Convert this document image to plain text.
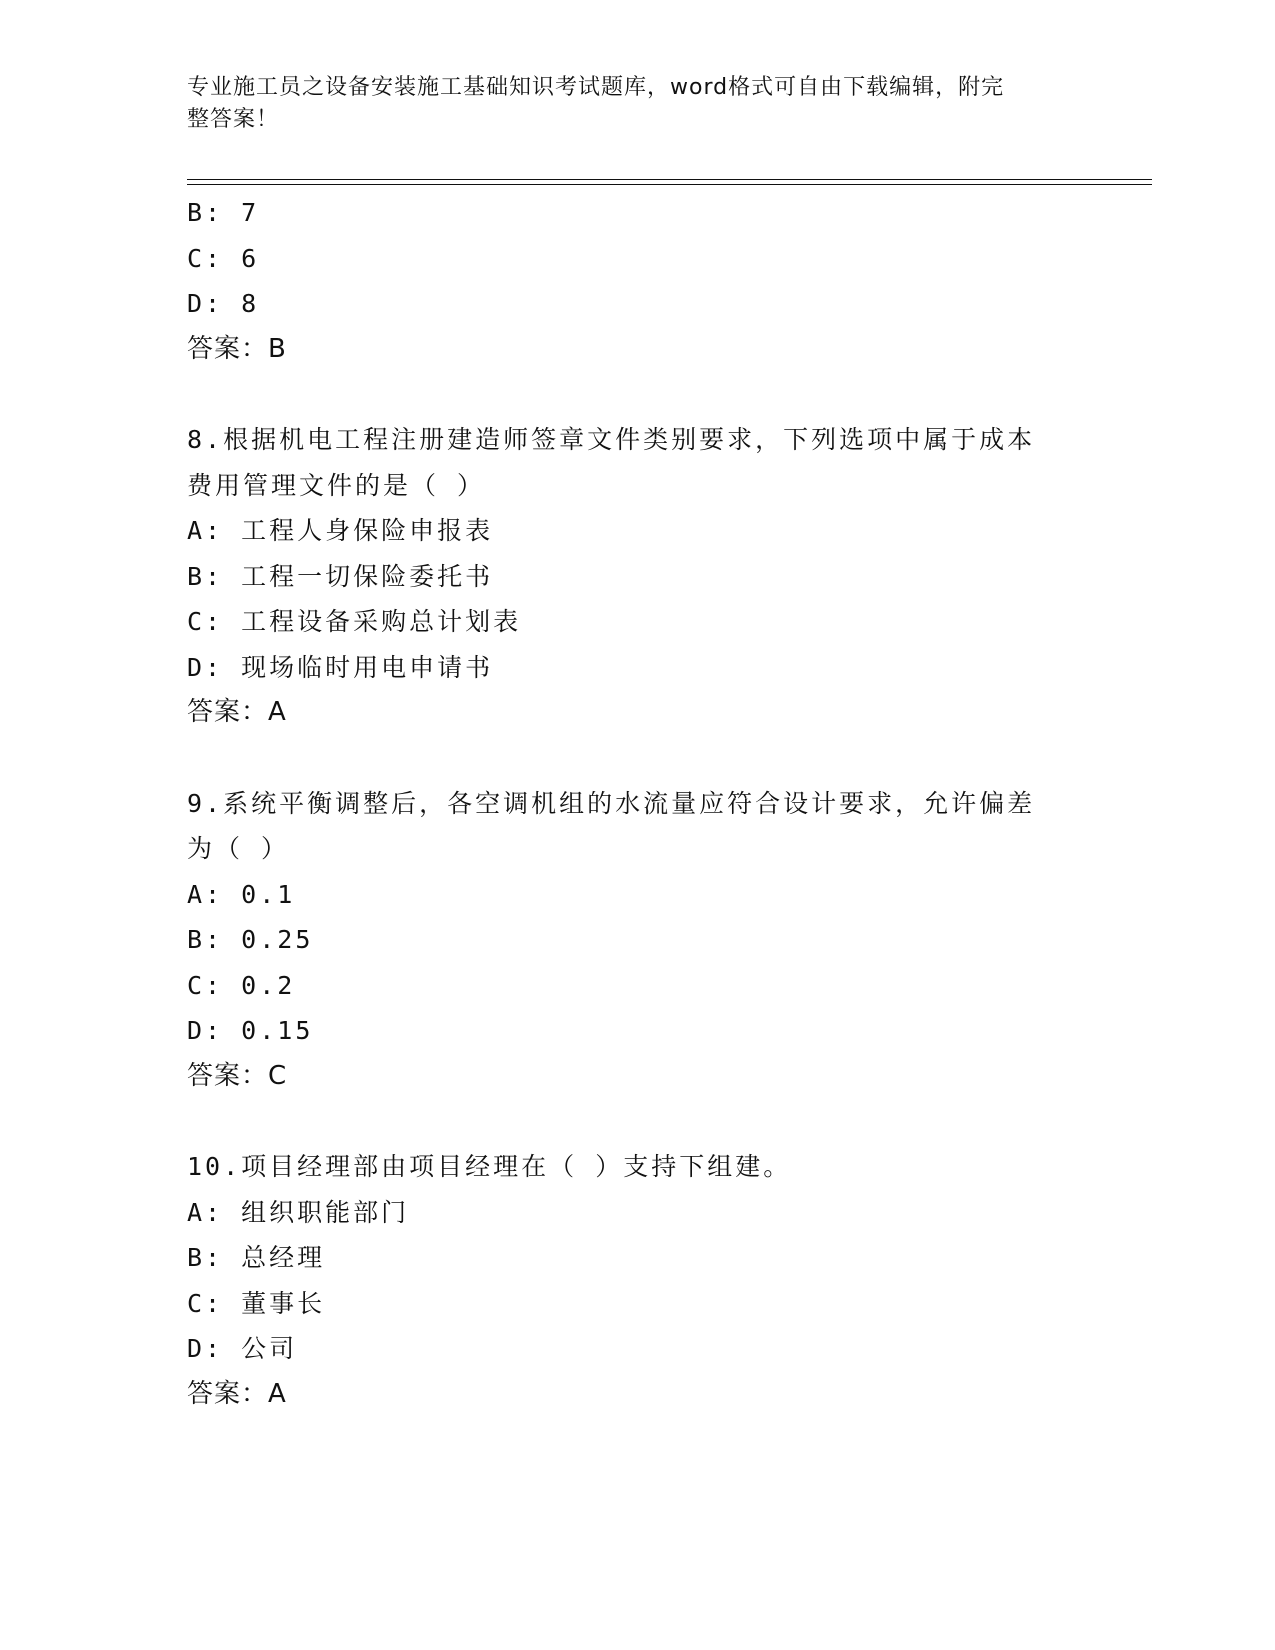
专业施工员之设备安装施工基础知识考试题库，word格式可自由下载编辑，附完
整答案！
B: 7
C: 6
D: 8
答案：B
8.根据机电工程注册建造师签章文件类别要求，下列选项中属于成本
费用管理文件的是（ ）
A: 工程人身保险申报表
B: 工程一切保险委托书
C: 工程设备采购总计划表
D: 现场临时用电申请书
答案：A
9.系统平衡调整后，各空调机组的水流量应符合设计要求，允许偏差
为（ ）
A: 0.1
B: 0.25
C: 0.2
D: 0.15
答案：C
10.项目经理部由项目经理在（ ）支持下组建。
A: 组织职能部门
B: 总经理
C: 董事长
D: 公司
答案：A
